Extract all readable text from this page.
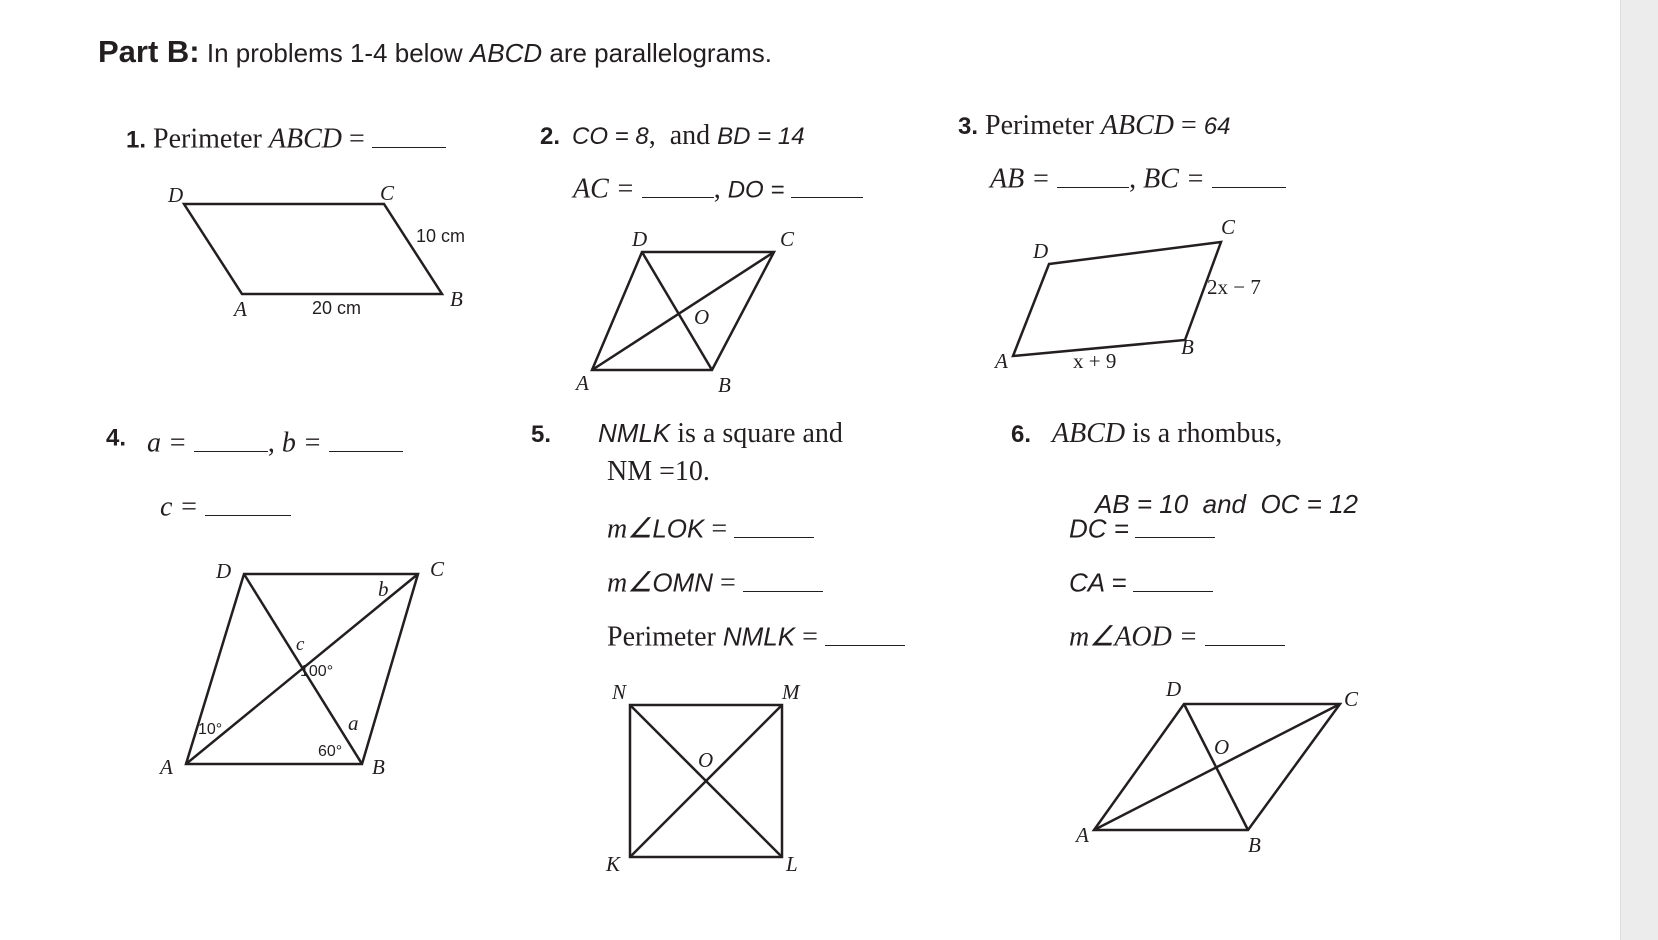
Part B: In problems 1-4 below ABCD are parallelograms.
1. Perimeter ABCD =
D	C
A	B
10 cm
20 cm
2. CO = 8,  and BD = 14
AC =	, DO =
D	C
A	B
O
3. Perimeter ABCD = 64
AB =	, BC =
D
C
A
B
2x − 7
x + 9
4. a =	, b =
c =
D	C
A	B
b
c
a
100°
10°
60°
5. NMLK is a square and
NM =10.
m∠LOK =
m∠OMN =
Perimeter NMLK =
N	M
K	L
O
6. ABCD is a rhombus,

AB = 10  and  OC = 12

DC =
CA =
m∠AOD =
D	C
A	B
O
